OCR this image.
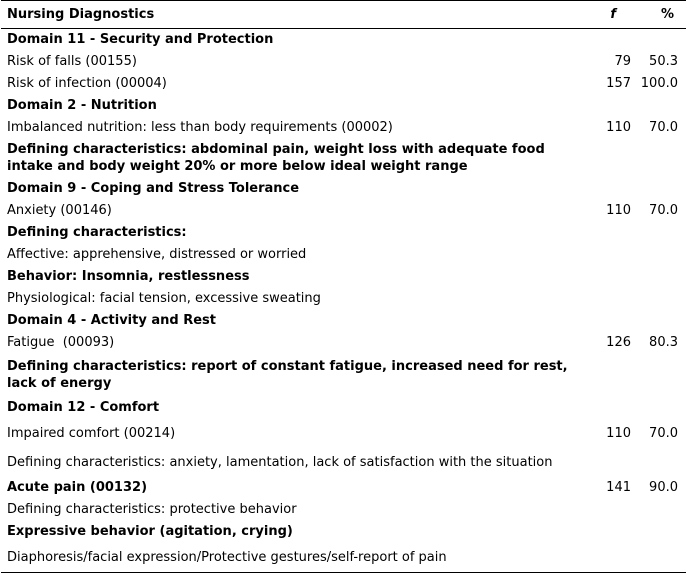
Nursing Diagnostics	f	%
Domain 11 - Security and Protection		
Risk of falls (00155)	79	50.3
Risk of infection (00004)	157	100.0
Domain 2 - Nutrition		
Imbalanced nutrition: less than body requirements (00002)	110	70.0
Defining characteristics: abdominal pain, weight loss with adequate food intake and body weight 20% or more below ideal weight range		
Domain 9 - Coping and Stress Tolerance		
Anxiety (00146)	110	70.0
Defining characteristics:		
Affective: apprehensive, distressed or worried		
Behavior: Insomnia, restlessness		
Physiological: facial tension, excessive sweating		
Domain 4 - Activity and Rest		
Fatigue  (00093)	126	80.3
Defining characteristics: report of constant fatigue, increased need for rest, lack of energy		
Domain 12 - Comfort		
Impaired comfort (00214)	110	70.0
Defining characteristics: anxiety, lamentation, lack of satisfaction with the situation		
Acute pain (00132)	141	90.0
Defining characteristics: protective behavior		
Expressive behavior (agitation, crying)		
Diaphoresis/facial expression/Protective gestures/self-report of pain		
